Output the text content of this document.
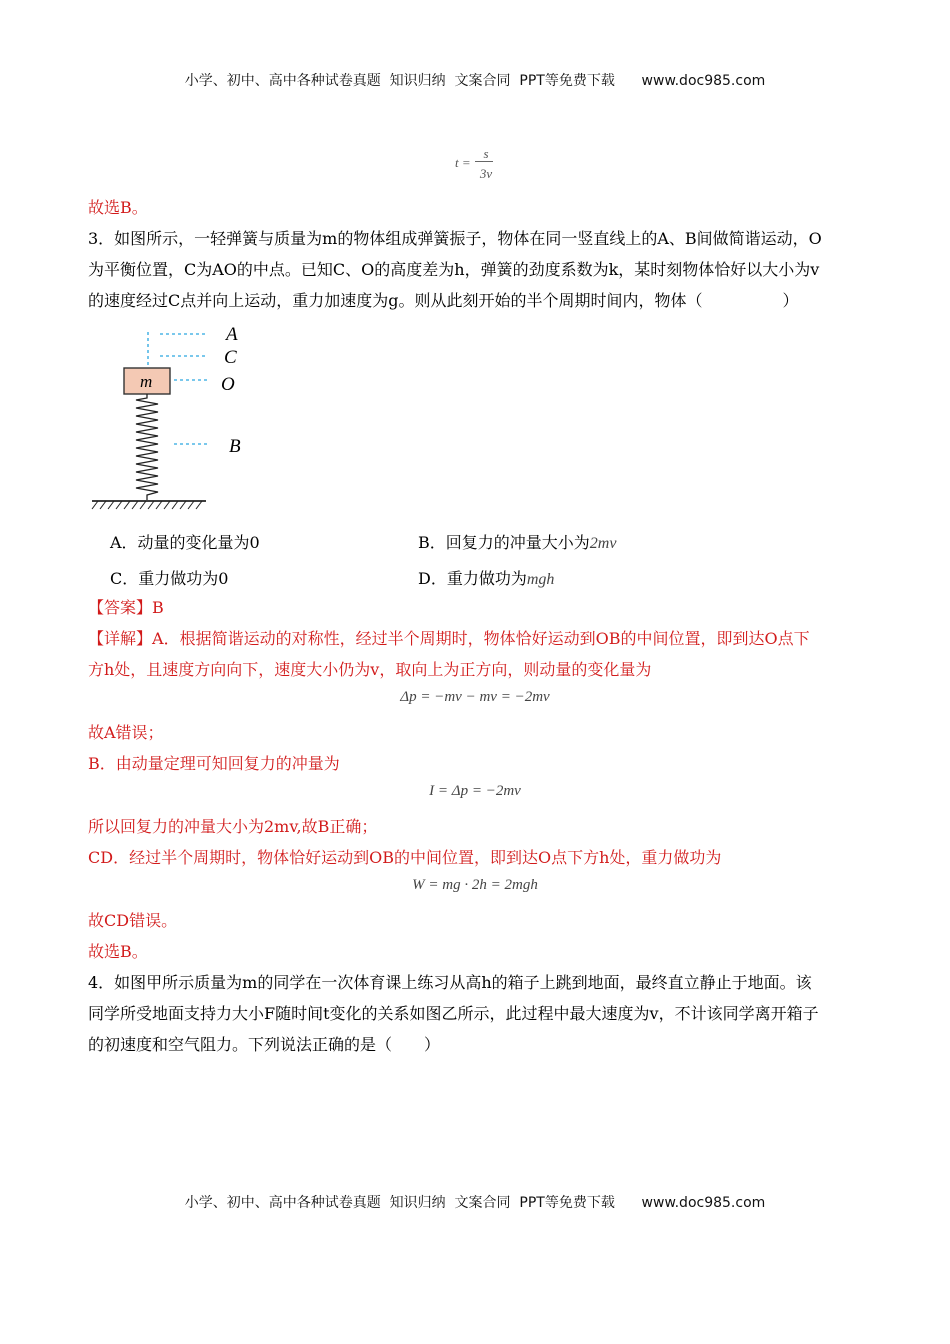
小学、初中、高中各种试卷真题  知识归纳  文案合同  PPT等免费下载      www.doc985.com
t =
s
3v
故选B。
3．如图所示，一轻弹簧与质量为m的物体组成弹簧振子，物体在同一竖直线上的A、B间做简谐运动，O
为平衡位置，C为AO的中点。已知C、O的高度差为h，弹簧的劲度系数为k，某时刻物体恰好以大小为v
的速度经过C点并向上运动，重力加速度为g。则从此刻开始的半个周期时间内，物体（　　　　　）
A
C
O
B
m
A．动量的变化量为0	B．回复力的冲量大小为2mv
C．重力做功为0	D．重力做功为mgh
【答案】B
【详解】A．根据简谐运动的对称性，经过半个周期时，物体恰好运动到OB的中间位置，即到达O点下
方h处，且速度方向向下，速度大小仍为v，取向上为正方向，则动量的变化量为
Δp = −mv − mv = −2mv
故A错误；
B．由动量定理可知回复力的冲量为
I = Δp = −2mv
所以回复力的冲量大小为2mv,故B正确；
CD．经过半个周期时，物体恰好运动到OB的中间位置，即到达O点下方h处，重力做功为
W = mg · 2h = 2mgh
故CD错误。
故选B。
4．如图甲所示质量为m的同学在一次体育课上练习从高h的箱子上跳到地面，最终直立静止于地面。该
同学所受地面支持力大小F随时间t变化的关系如图乙所示，此过程中最大速度为v，不计该同学离开箱子
的初速度和空气阻力。下列说法正确的是（　　）
小学、初中、高中各种试卷真题  知识归纳  文案合同  PPT等免费下载      www.doc985.com
